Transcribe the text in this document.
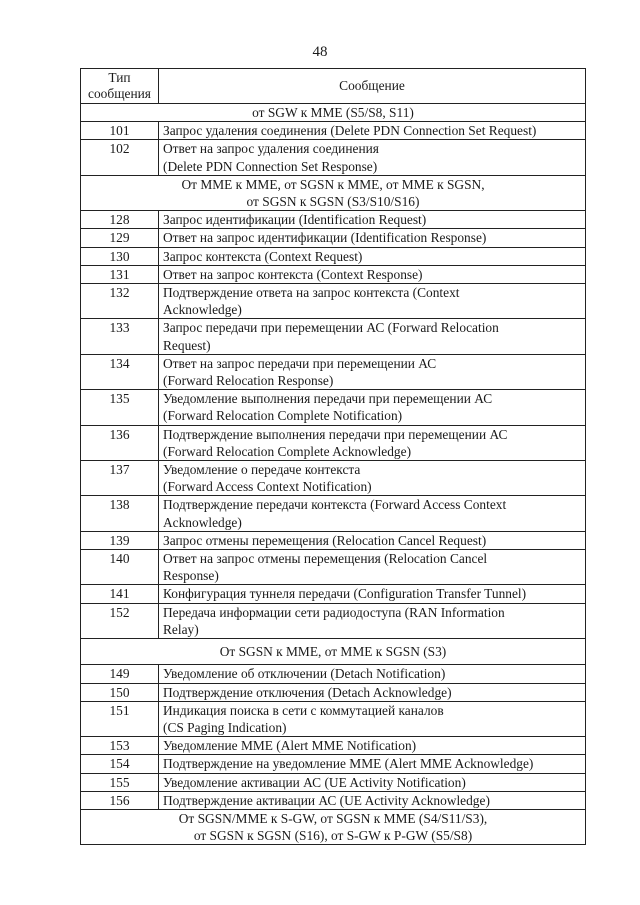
48
Тип
сообщения	Сообщение

от SGW к MME (S5/S8, S11)	

101	Запрос удаления соединения (Delete PDN Connection Set Request)

102	Ответ на запрос удаления соединения
(Delete PDN Connection Set Response)

От MME к MME, от SGSN к MME, от MME к SGSN,
от SGSN к SGSN (S3/S10/S16)	

128	Запрос идентификации (Identification Request)

129	Ответ на запрос идентификации (Identification Response)

130	Запрос контекста (Context Request)

131	Ответ на запрос контекста (Context Response)

132	Подтверждение ответа на запрос контекста (Context
Acknowledge)

133	Запрос передачи при перемещении АС (Forward Relocation
Request)

134	Ответ на запрос передачи при перемещении АС
(Forward Relocation Response)

135	Уведомление выполнения передачи при перемещении АС
(Forward Relocation Complete Notification)

136	Подтверждение выполнения передачи при перемещении АС
(Forward Relocation Complete Acknowledge)

137	Уведомление о передаче контекста
(Forward Access Context Notification)

138	Подтверждение передачи контекста (Forward Access Context
Acknowledge)

139	Запрос отмены перемещения (Relocation Cancel Request)

140	Ответ на запрос отмены перемещения (Relocation Cancel
Response)

141	Конфигурация туннеля передачи (Configuration Transfer Tunnel)

152	Передача информации сети радиодоступа (RAN Information
Relay)

От SGSN к MME, от MME к SGSN (S3)	

149	Уведомление об отключении (Detach Notification)

150	Подтверждение отключения (Detach Acknowledge)

151	Индикация поиска в сети с коммутацией каналов
(CS Paging Indication)

153	Уведомление MME (Alert MME Notification)

154	Подтверждение на уведомление MME (Alert MME Acknowledge)

155	Уведомление активации АС (UE Activity Notification)

156	Подтверждение активации АС (UE Activity Acknowledge)

От SGSN/MME к S-GW, от SGSN к MME (S4/S11/S3),
от SGSN к SGSN (S16), от S-GW к P-GW (S5/S8)	
